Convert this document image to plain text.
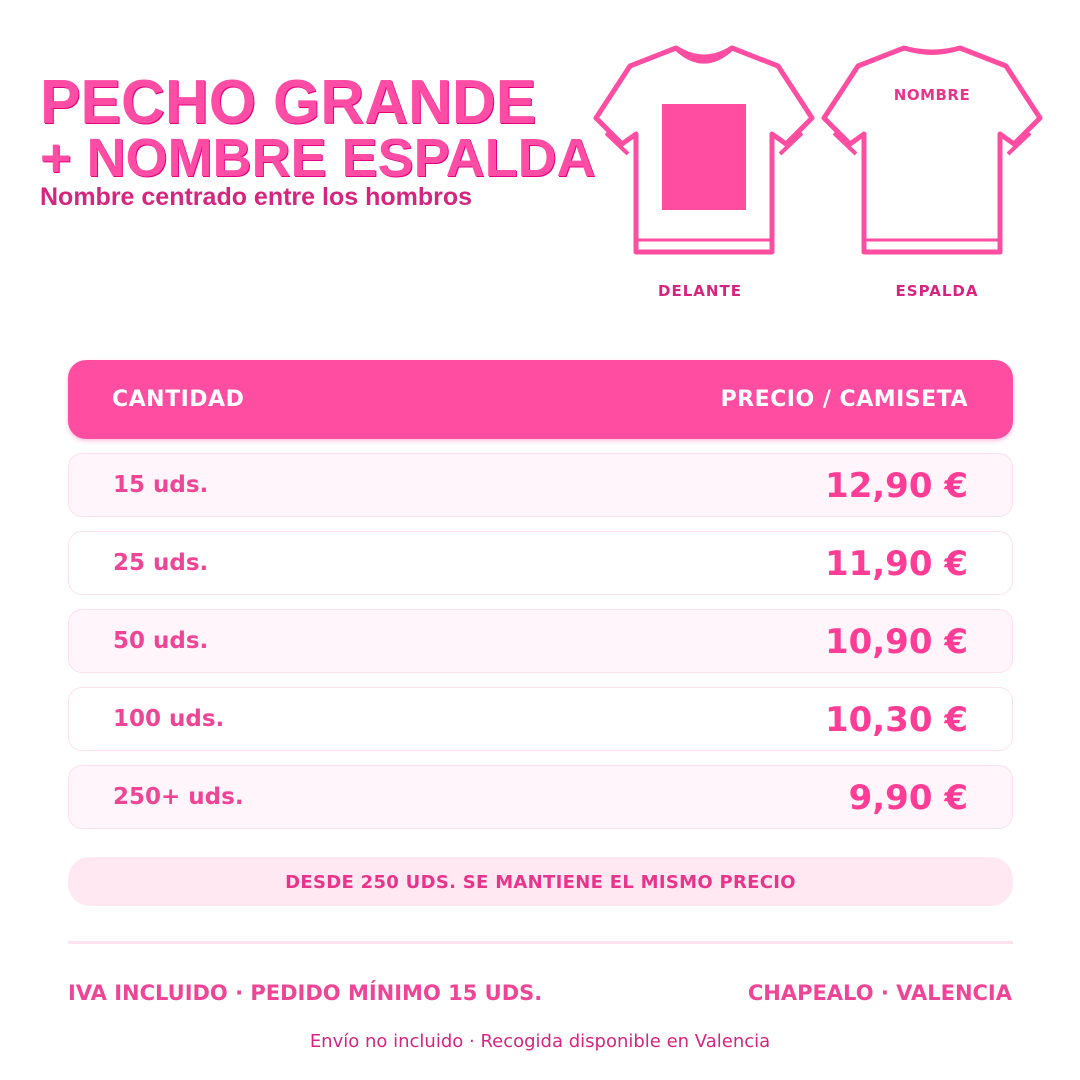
PECHO GRANDE
+ NOMBRE ESPALDA
Nombre centrado entre los hombros
NOMBRE
DELANTE	ESPALDA
CANTIDAD	PRECIO / CAMISETA
15 uds.	12,90 €
25 uds.	11,90 €
50 uds.	10,90 €
100 uds.	10,30 €
250+ uds.	9,90 €
DESDE 250 UDS. SE MANTIENE EL MISMO PRECIO
IVA INCLUIDO · PEDIDO MÍNIMO 15 UDS.	CHAPEALO · VALENCIA
Envío no incluido · Recogida disponible en Valencia
